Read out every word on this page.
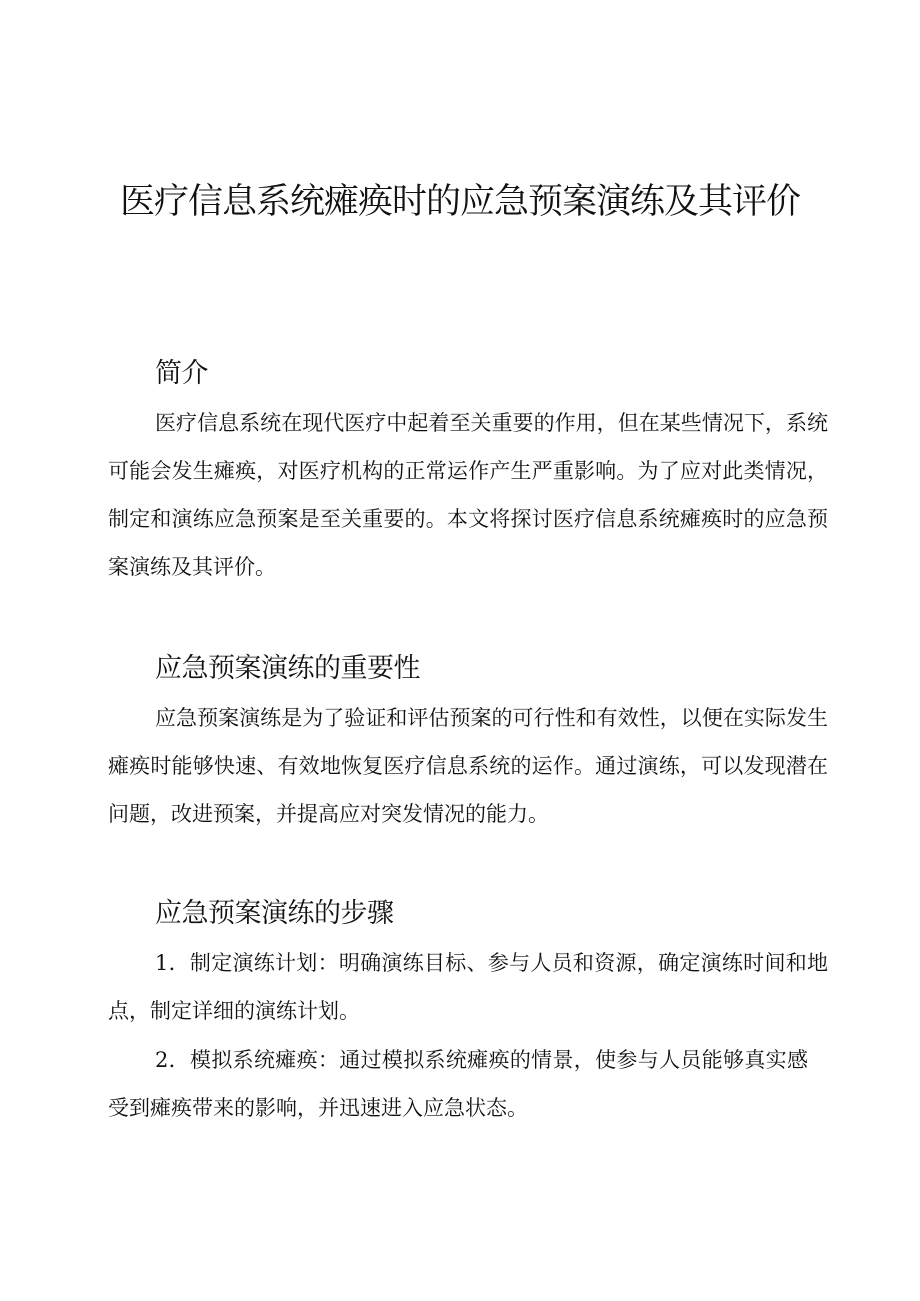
医疗信息系统瘫痪时的应急预案演练及其评价
简介

医疗信息系统在现代医疗中起着至关重要的作用，但在某些情况下，系统可能会发生瘫痪，对医疗机构的正常运作产生严重影响。为了应对此类情况，制定和演练应急预案是至关重要的。本文将探讨医疗信息系统瘫痪时的应急预案演练及其评价。

应急预案演练的重要性

应急预案演练是为了验证和评估预案的可行性和有效性，以便在实际发生瘫痪时能够快速、有效地恢复医疗信息系统的运作。通过演练，可以发现潜在问题，改进预案，并提高应对突发情况的能力。

应急预案演练的步骤

1．制定演练计划：明确演练目标、参与人员和资源，确定演练时间和地点，制定详细的演练计划。

2．模拟系统瘫痪：通过模拟系统瘫痪的情景，使参与人员能够真实感受到瘫痪带来的影响，并迅速进入应急状态。
